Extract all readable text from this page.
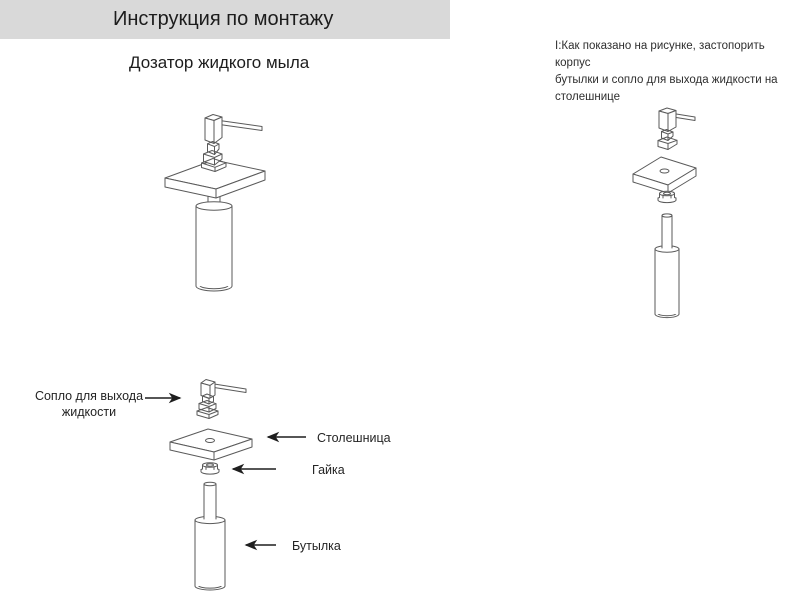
Инструкция по монтажу
Дозатор жидкого мыла
I:Как показано на рисунке, застопорить корпус
бутылки и сопло для выхода жидкости на
столешнице
Сопло для выхода жидкости
Столешница
Гайка
Бутылка
